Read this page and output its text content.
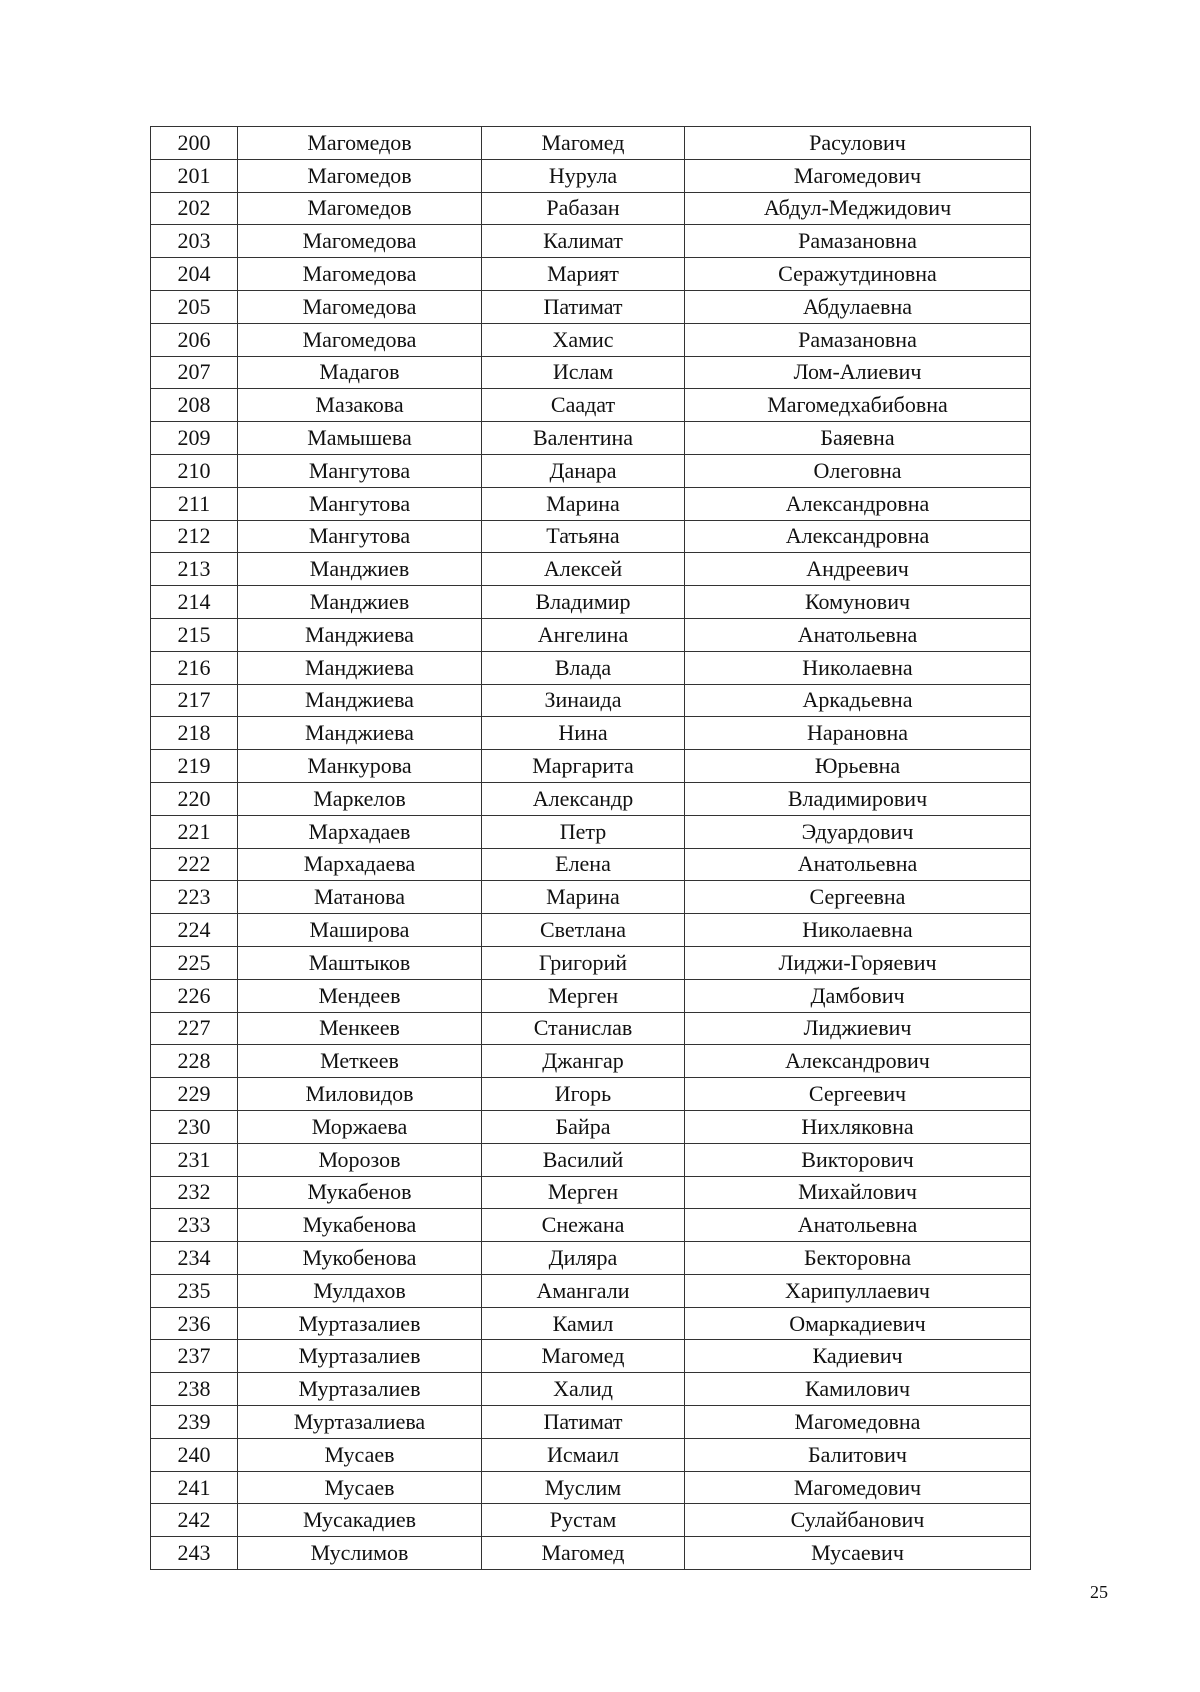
200	Магомедов	Магомед	Расулович
201	Магомедов	Нурула	Магомедович
202	Магомедов	Рабазан	Абдул-Меджидович
203	Магомедова	Калимат	Рамазановна
204	Магомедова	Марият	Серажутдиновна
205	Магомедова	Патимат	Абдулаевна
206	Магомедова	Хамис	Рамазановна
207	Мадагов	Ислам	Лом-Алиевич
208	Мазакова	Саадат	Магомедхабибовна
209	Мамышева	Валентина	Баяевна
210	Мангутова	Данара	Олеговна
211	Мангутова	Марина	Александровна
212	Мангутова	Татьяна	Александровна
213	Манджиев	Алексей	Андреевич
214	Манджиев	Владимир	Комунович
215	Манджиева	Ангелина	Анатольевна
216	Манджиева	Влада	Николаевна
217	Манджиева	Зинаида	Аркадьевна
218	Манджиева	Нина	Нарановна
219	Манкурова	Маргарита	Юрьевна
220	Маркелов	Александр	Владимирович
221	Мархадаев	Петр	Эдуардович
222	Мархадаева	Елена	Анатольевна
223	Матанова	Марина	Сергеевна
224	Маширова	Светлана	Николаевна
225	Маштыков	Григорий	Лиджи-Горяевич
226	Мендеев	Мерген	Дамбович
227	Менкеев	Станислав	Лиджиевич
228	Меткеев	Джангар	Александрович
229	Миловидов	Игорь	Сергеевич
230	Моржаева	Байра	Нихляковна
231	Морозов	Василий	Викторович
232	Мукабенов	Мерген	Михайлович
233	Мукабенова	Снежана	Анатольевна
234	Мукобенова	Диляра	Бекторовна
235	Мулдахов	Амангали	Харипуллаевич
236	Муртазалиев	Камил	Омаркадиевич
237	Муртазалиев	Магомед	Кадиевич
238	Муртазалиев	Халид	Камилович
239	Муртазалиева	Патимат	Магомедовна
240	Мусаев	Исмаил	Балитович
241	Мусаев	Муслим	Магомедович
242	Мусакадиев	Рустам	Сулайбанович
243	Муслимов	Магомед	Мусаевич
25
